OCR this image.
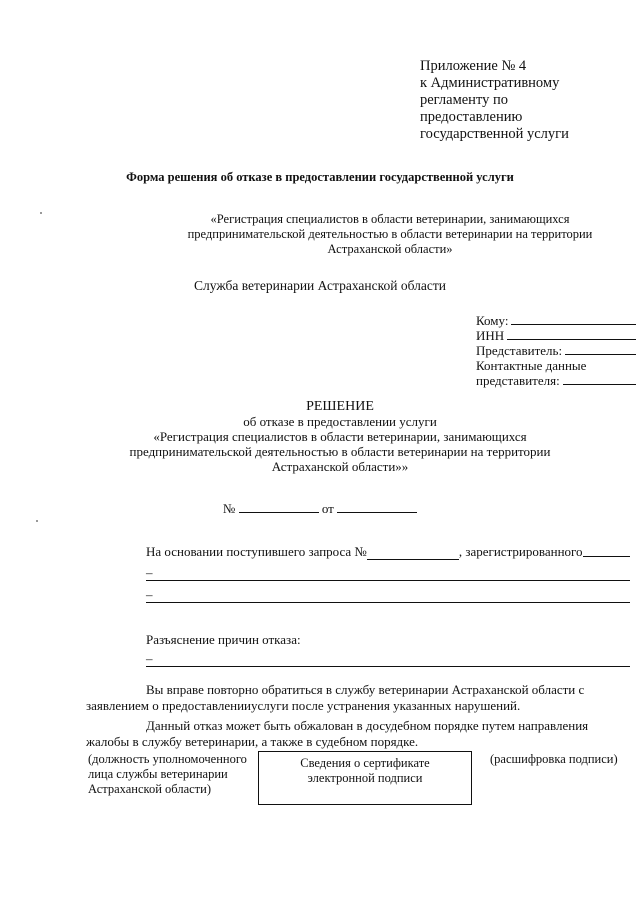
Приложение № 4
к Административному
регламенту по
предоставлению
государственной услуги
Форма решения об отказе в предоставлении государственной услуги
«Регистрация специалистов в области ветеринарии, занимающихся
предпринимательской деятельностью в области ветеринарии на территории
Астраханской области»
Служба ветеринарии Астраханской области
Кому:
ИНН
Представитель:
Контактные данные
представителя:
РЕШЕНИЕ
об отказе в предоставлении услуги
«Регистрация специалистов в области ветеринарии, занимающихся
предпринимательской деятельностью в области ветеринарии на территории
Астраханской области»»
№	от
На основании поступившего запроса №	, зарегистрированного
–
–
Разъяснение причин отказа:
–
Вы вправе повторно обратиться в службу ветеринарии Астраханской области с
заявлением о предоставленииуслуги после устранения указанных нарушений.
Данный отказ может быть обжалован в досудебном порядке путем направления
жалобы в службу ветеринарии, а также в судебном порядке.
(должность уполномоченного
лица службы ветеринарии
Астраханской области)
Сведения о сертификате
электронной подписи
(расшифровка подписи)
